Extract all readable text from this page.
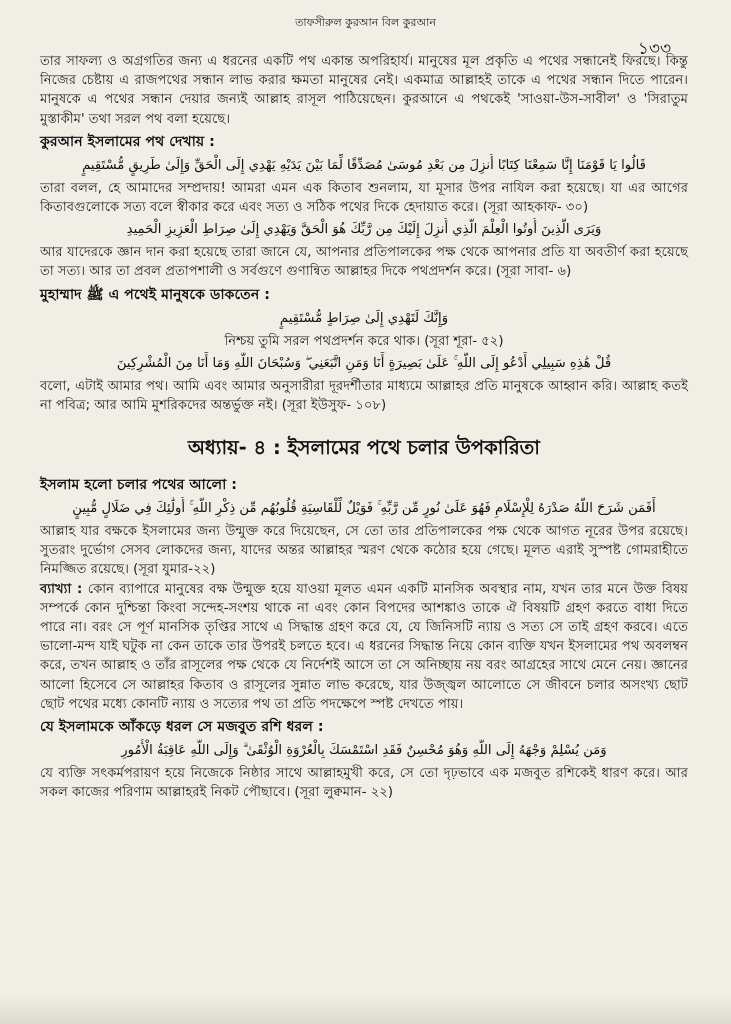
তাফসীরুল কুরআন বিল কুরআন
১৩৩

তার সাফল্য ও অগ্রগতির জন্য এ ধরনের একটি পথ একান্ত অপরিহার্য। মানুষের মূল প্রকৃতি এ পথের সন্ধানেই ফিরছে। কিন্তু নিজের চেষ্টায় এ রাজপথের সন্ধান লাভ করার ক্ষমতা মানুষের নেই। একমাত্র আল্লাহই তাকে এ পথের সন্ধান দিতে পারেন। মানুষকে এ পথের সন্ধান দেয়ার জন্যই আল্লাহ রাসূল পাঠিয়েছেন। কুরআনে এ পথকেই 'সাওয়া-উস-সাবীল' ও 'সিরাতুম মুস্তাকীম' তথা সরল পথ বলা হয়েছে।

কুরআন ইসলামের পথ দেখায় :
قَالُوا يَا قَوْمَنَا إِنَّا سَمِعْنَا كِتَابًا أُنزِلَ مِن بَعْدِ مُوسَىٰ مُصَدِّقًا لِّمَا بَيْنَ يَدَيْهِ يَهْدِي إِلَى الْحَقِّ وَإِلَىٰ طَرِيقٍ مُّسْتَقِيمٍ

তারা বলল, হে আমাদের সম্প্রদায়! আমরা এমন এক কিতাব শুনলাম, যা মূসার উপর নাযিল করা হয়েছে। যা এর আগের কিতাবগুলোকে সত্য বলে স্বীকার করে এবং সত্য ও সঠিক পথের দিকে হেদায়াত করে। (সূরা আহকাফ- ৩০)

وَيَرَى الَّذِينَ أُوتُوا الْعِلْمَ الَّذِي أُنزِلَ إِلَيْكَ مِن رَّبِّكَ هُوَ الْحَقَّ وَيَهْدِي إِلَىٰ صِرَاطِ الْعَزِيزِ الْحَمِيدِ

আর যাদেরকে জ্ঞান দান করা হয়েছে তারা জানে যে, আপনার প্রতিপালকের পক্ষ থেকে আপনার প্রতি যা অবতীর্ণ করা হয়েছে তা সত্য। আর তা প্রবল প্রতাপশালী ও সর্বগুণে গুণান্বিত আল্লাহর দিকে পথপ্রদর্শন করে। (সূরা সাবা- ৬)

মুহাম্মাদ ﷺ এ পথেই মানুষকে ডাকতেন :
وَإِنَّكَ لَتَهْدِي إِلَىٰ صِرَاطٍ مُّسْتَقِيمٍ

নিশ্চয় তুমি সরল পথপ্রদর্শন করে থাক। (সূরা শূরা- ৫২)

قُلْ هَٰذِهِ سَبِيلِي أَدْعُو إِلَى اللَّهِ ۚ عَلَىٰ بَصِيرَةٍ أَنَا وَمَنِ اتَّبَعَنِي ۖ وَسُبْحَانَ اللَّهِ وَمَا أَنَا مِنَ الْمُشْرِكِينَ

বলো, এটাই আমার পথ। আমি এবং আমার অনুসারীরা দূরদর্শীতার মাধ্যমে আল্লাহর প্রতি মানুষকে আহ্বান করি। আল্লাহ কতই না পবিত্র; আর আমি মুশরিকদের অন্তর্ভুক্ত নই। (সূরা ইউসুফ- ১০৮)

অধ্যায়- ৪ : ইসলামের পথে চলার উপকারিতা
ইসলাম হলো চলার পথের আলো :
أَفَمَن شَرَحَ اللَّهُ صَدْرَهُ لِلْإِسْلَامِ فَهُوَ عَلَىٰ نُورٍ مِّن رَّبِّهِ ۚ فَوَيْلٌ لِّلْقَاسِيَةِ قُلُوبُهُم مِّن ذِكْرِ اللَّهِ ۚ أُولَٰئِكَ فِي ضَلَالٍ مُّبِينٍ

আল্লাহ যার বক্ষকে ইসলামের জন্য উন্মুক্ত করে দিয়েছেন, সে তো তার প্রতিপালকের পক্ষ থেকে আগত নূরের উপর রয়েছে। সুতরাং দুর্ভোগ সেসব লোকদের জন্য, যাদের অন্তর আল্লাহর স্মরণ থেকে কঠোর হয়ে গেছে। মূলত এরাই সুস্পষ্ট গোমরাহীতে নিমজ্জিত রয়েছে। (সূরা যুমার-২২)

ব্যাখ্যা : কোন ব্যাপারে মানুষের বক্ষ উন্মুক্ত হয়ে যাওয়া মূলত এমন একটি মানসিক অবস্থার নাম, যখন তার মনে উক্ত বিষয় সম্পর্কে কোন দুশ্চিন্তা কিংবা সন্দেহ-সংশয় থাকে না এবং কোন বিপদের আশঙ্কাও তাকে ঐ বিষয়টি গ্রহণ করতে বাধা দিতে পারে না। বরং সে পূর্ণ মানসিক তৃপ্তির সাথে এ সিদ্ধান্ত গ্রহণ করে যে, যে জিনিসটি ন্যায় ও সত্য সে তাই গ্রহণ করবে। এতে ভালো-মন্দ যাই ঘটুক না কেন তাকে তার উপরই চলতে হবে। এ ধরনের সিদ্ধান্ত নিয়ে কোন ব্যক্তি যখন ইসলামের পথ অবলম্বন করে, তখন আল্লাহ ও তাঁর রাসূলের পক্ষ থেকে যে নির্দেশই আসে তা সে অনিচ্ছায় নয় বরং আগ্রহের সাথে মেনে নেয়। জ্ঞানের আলো হিসেবে সে আল্লাহর কিতাব ও রাসূলের সুন্নাত লাভ করেছে, যার উজ্জ্বল আলোতে সে জীবনে চলার অসংখ্য ছোট ছোট পথের মধ্যে কোনটি ন্যায় ও সত্যের পথ তা প্রতি পদক্ষেপে স্পষ্ট দেখতে পায়।

যে ইসলামকে আঁকড়ে ধরল সে মজবুত রশি ধরল :
وَمَن يُسْلِمْ وَجْهَهُ إِلَى اللَّهِ وَهُوَ مُحْسِنٌ فَقَدِ اسْتَمْسَكَ بِالْعُرْوَةِ الْوُثْقَىٰ ۗ وَإِلَى اللَّهِ عَاقِبَةُ الْأُمُورِ

যে ব্যক্তি সৎকর্মপরায়ণ হয়ে নিজেকে নিষ্ঠার সাথে আল্লাহমুখী করে, সে তো দৃঢ়ভাবে এক মজবুত রশিকেই ধারণ করে। আর সকল কাজের পরিণাম আল্লাহরই নিকট পৌছাবে। (সূরা লুক্বমান- ২২)
